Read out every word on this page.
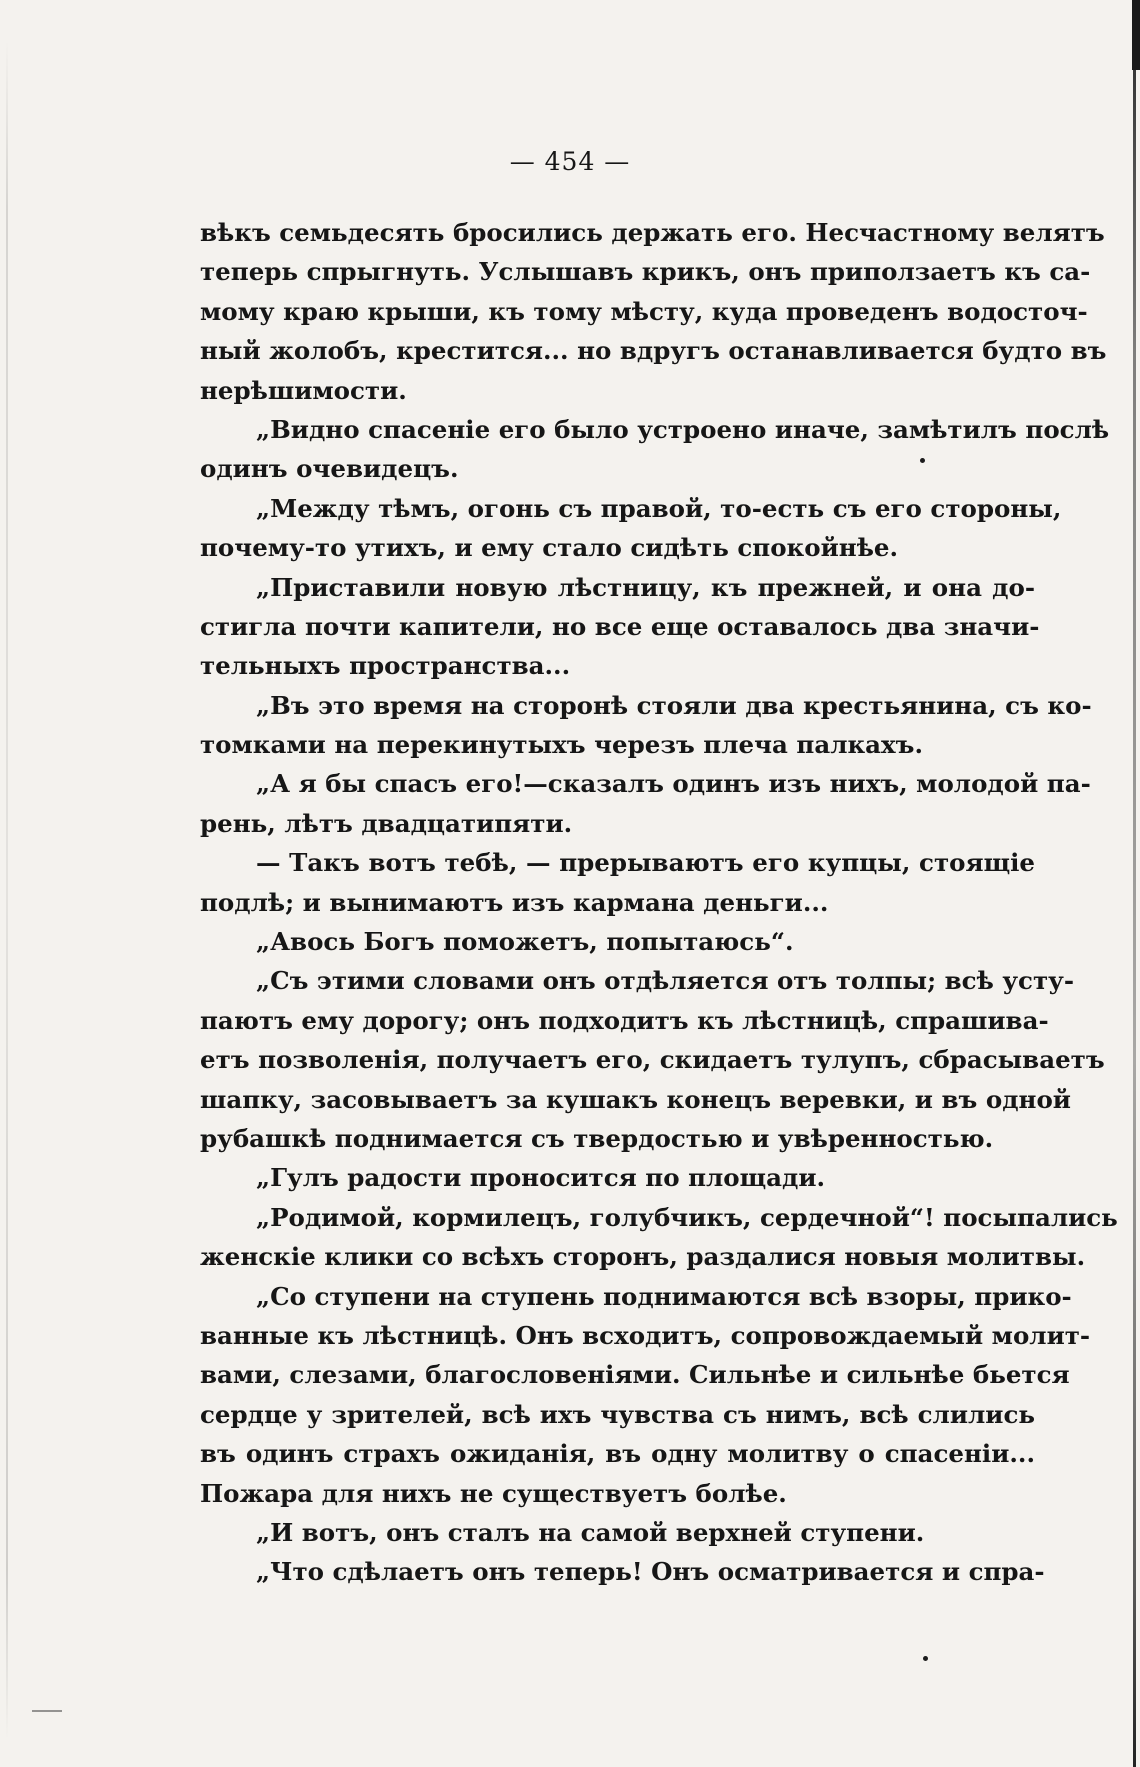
— 454 —
вѣкъ семьдесять бросились держать его. Несчастному велятъ
теперь спрыгнуть. Услышавъ крикъ, онъ приползаетъ къ са-
мому краю крыши, къ тому мѣсту, куда проведенъ водосточ-
ный жолобъ, крестится... но вдругъ останавливается будто въ
нерѣшимости.
„Видно спасеніе его было устроено иначе, замѣтилъ послѣ
одинъ очевидецъ.
„Между тѣмъ, огонь съ правой, то-есть съ его стороны,
почему-то утихъ, и ему стало сидѣть спокойнѣе.
„Приставили новую лѣстницу, къ прежней, и она до-
стигла почти капители, но все еще оставалось два значи-
тельныхъ пространства...
„Въ это время на сторонѣ стояли два крестьянина, съ ко-
томками на перекинутыхъ черезъ плеча палкахъ.
„А я бы спасъ его!—сказалъ одинъ изъ нихъ, молодой па-
рень, лѣтъ двадцатипяти.
— Такъ вотъ тебѣ, — прерываютъ его купцы, стоящіе
подлѣ; и вынимаютъ изъ кармана деньги...
„Авось Богъ поможетъ, попытаюсь“.
„Съ этими словами онъ отдѣляется отъ толпы; всѣ усту-
паютъ ему дорогу; онъ подходитъ къ лѣстницѣ, спрашива-
етъ позволенія, получаетъ его, скидаетъ тулупъ, сбрасываетъ
шапку, засовываетъ за кушакъ конецъ веревки, и въ одной
рубашкѣ поднимается съ твердостью и увѣренностью.
„Гулъ радости проносится по площади.
„Родимой, кормилецъ, голубчикъ, сердечной“! посыпались
женскіе клики со всѣхъ сторонъ, раздалися новыя молитвы.
„Со ступени на ступень поднимаются всѣ взоры, прико-
ванные къ лѣстницѣ. Онъ всходитъ, сопровождаемый молит-
вами, слезами, благословеніями. Сильнѣе и сильнѣе бьется
сердце у зрителей, всѣ ихъ чувства съ нимъ, всѣ слились
въ одинъ страхъ ожиданія, въ одну молитву о спасеніи...
Пожара для нихъ не существуетъ болѣе.
„И вотъ, онъ сталъ на самой верхней ступени.
„Что сдѣлаетъ онъ теперь! Онъ осматривается и спра-
